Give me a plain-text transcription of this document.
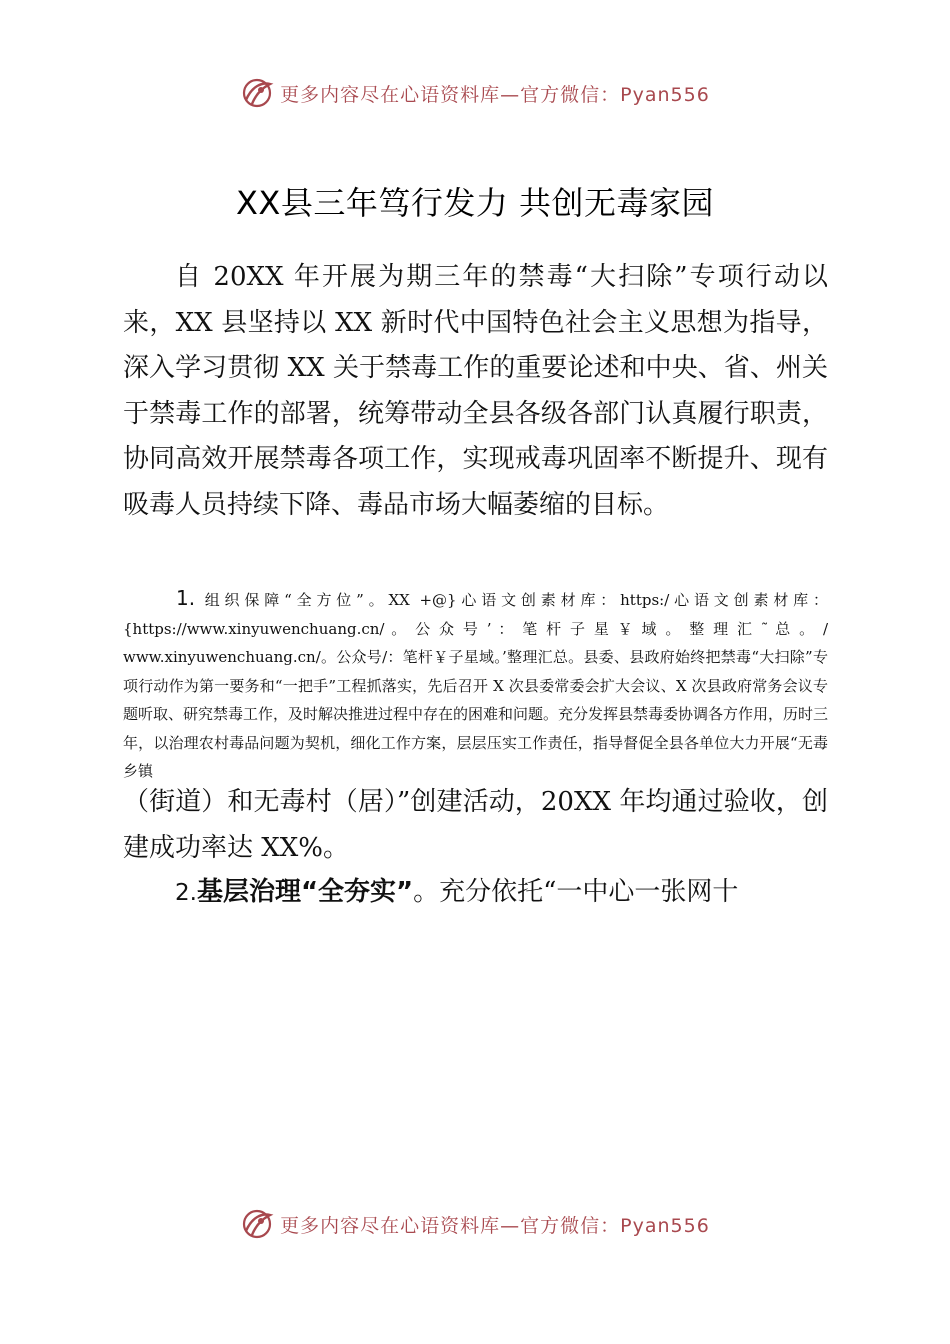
更多内容尽在心语资料库—官方微信：Pyan556
XX县三年笃行发力 共创无毒家园

自 20XX 年开展为期三年的禁毒“大扫除”专项行动以来，XX 县坚持以 XX 新时代中国特色社会主义思想为指导，深入学习贯彻 XX 关于禁毒工作的重要论述和中央、省、州关于禁毒工作的部署，统筹带动全县各级各部门认真履行职责，协同高效开展禁毒各项工作，实现戒毒巩固率不断提升、现有吸毒人员持续下降、毒品市场大幅萎缩的目标。

1. 组织保障“全方位”。XX +@}心语文创素材库：https:/心语文创素材库：{https://www.xinyuwenchuang.cn/ 。 公 众 号 ’ ： 笔 杆 子 星 ￥ 域 。 整 理 汇 ˜ 总 。 / www.xinyuwenchuang.cn/。公众号/：笔杆￥子星域。’整理汇总。县委、县政府始终把禁毒“大扫除”专项行动作为第一要务和“一把手”工程抓落实，先后召开 X 次县委常委会扩大会议、X 次县政府常务会议专题听取、研究禁毒工作，及时解决推进过程中存在的困难和问题。充分发挥县禁毒委协调各方作用，历时三年，以治理农村毒品问题为契机，细化工作方案，层层压实工作责任，指导督促全县各单位大力开展“无毒乡镇

（街道）和无毒村（居）”创建活动，20XX 年均通过验收，创建成功率达 XX%。

2.基层治理“全夯实”。充分依托“一中心一张网十

更多内容尽在心语资料库—官方微信：Pyan556
